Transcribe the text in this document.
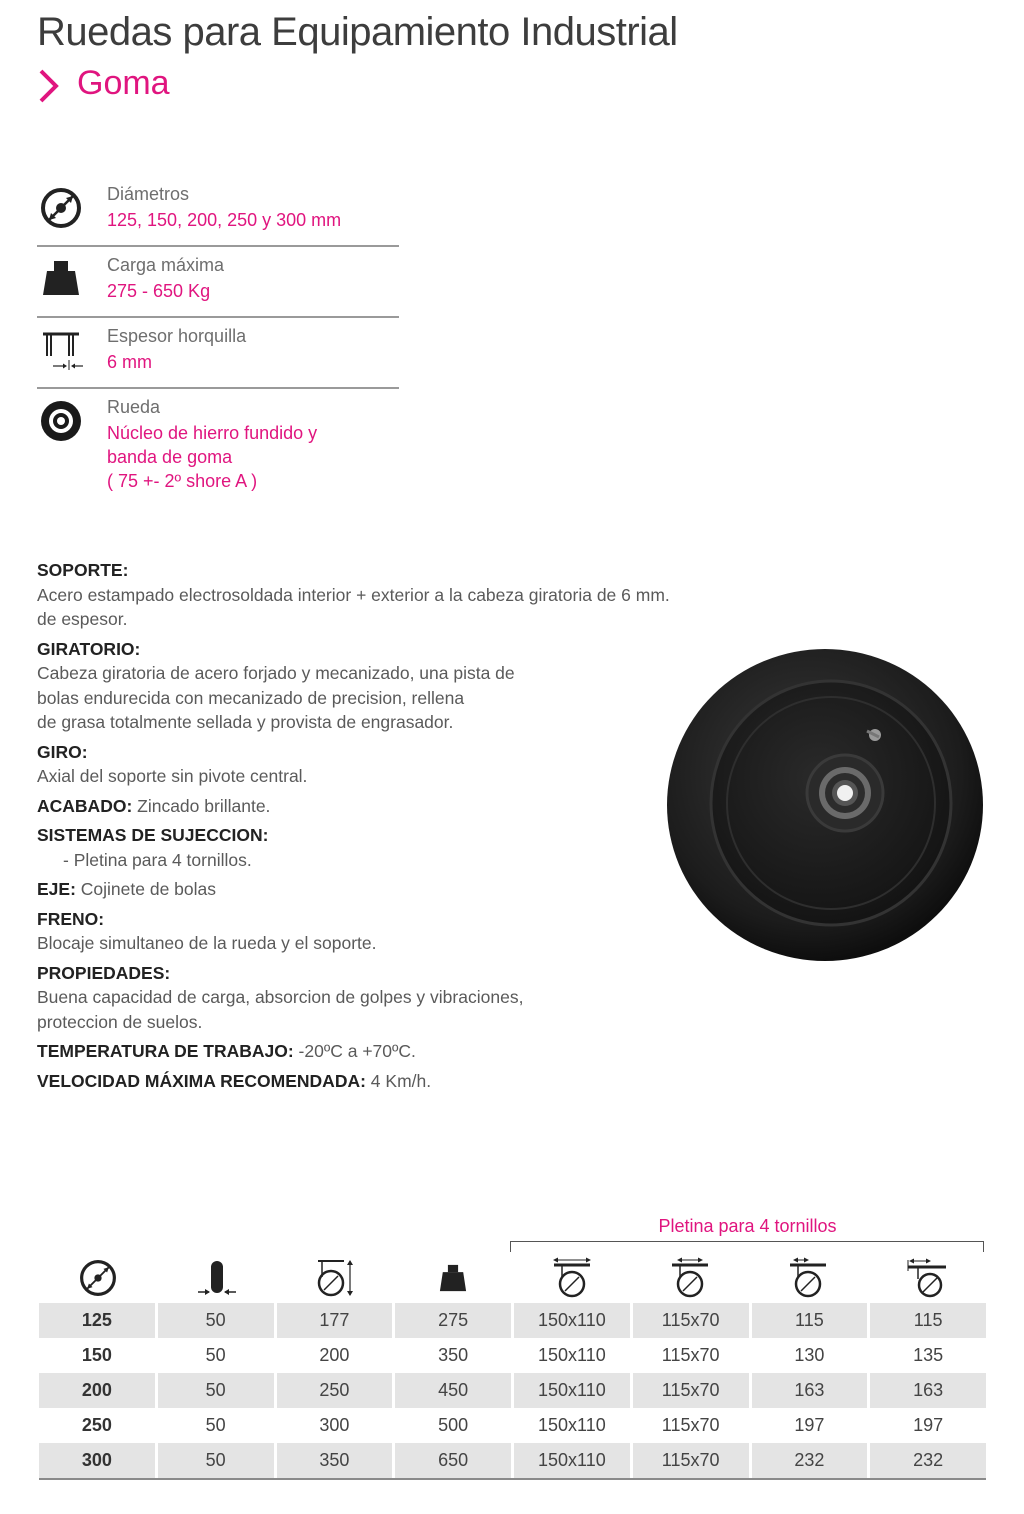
Ruedas para Equipamiento Industrial
Goma
Diámetros
125, 150, 200, 250 y 300 mm
Carga máxima
275 - 650 Kg
Espesor horquilla
6 mm
Rueda
Núcleo de hierro fundido y
banda de goma
( 75 +- 2º shore A )

SOPORTE:

Acero estampado electrosoldada interior + exterior a la cabeza giratoria de 6 mm. de espesor.

GIRATORIO:

Cabeza giratoria de acero forjado y mecanizado, una pista de

bolas endurecida con mecanizado de precision, rellena

de grasa totalmente sellada y provista de engrasador.

GIRO:

Axial del soporte sin pivote central.

ACABADO: Zincado brillante.

SISTEMAS DE SUJECCION:

- Pletina para 4 tornillos.

EJE: Cojinete de bolas

FRENO:

Blocaje simultaneo de la rueda y el soporte.

PROPIEDADES:

Buena capacidad de carga, absorcion de golpes y vibraciones,

proteccion de suelos.

TEMPERATURA DE TRABAJO: -20ºC a +70ºC.

VELOCIDAD MÁXIMA RECOMENDADA: 4 Km/h.

Pletina para 4 tornillos
125	50	177	275	150x110	115x70	115	115
150	50	200	350	150x110	115x70	130	135
200	50	250	450	150x110	115x70	163	163
250	50	300	500	150x110	115x70	197	197
300	50	350	650	150x110	115x70	232	232
